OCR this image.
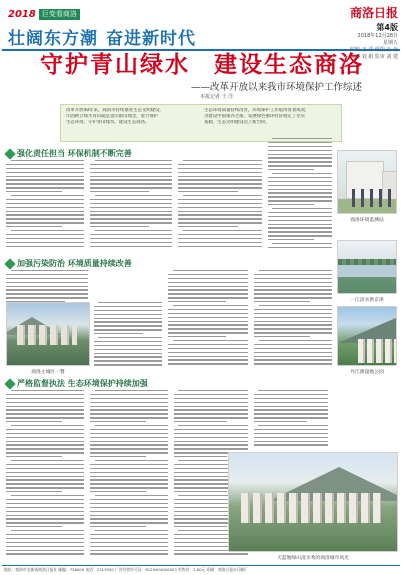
2018 巨变看商洛
壮阔东方潮 奋进新时代
商洛日报
第4版
2018年12月28日
星期五
校对 刘 娟 监审 刘 建
守护青山绿水 建设生态商洛
——改革开放以来我市环境保护工作综述
本报记者 王 洋
改革开放40年来，商洛市持续推进生态文明建设，
牢固树立绿水青山就是金山银山理念，着力保护
生态环境，守护青山绿水，建设生态商洛。
生态环境质量持续改善，环境保护工作取得显著成效，
为建设中国康养之都、发展绿色循环经济奠定了坚实
基础，生态文明建设迈上新台阶。
强化责任担当 环保机制不断完善
商洛环境监测站
加强污染防治 环境质量持续改善
一江清水供京津
商洛主城区一瞥	丹江源湿地公园
严格监督执法 生态环境保护持续加强
天蓝地绿山清水秀的商洛城市风光
地址：商洛市北新街商洛日报社 邮编：726000 电话：2313530 广告经营许可证：6125004000003 零售价：1.00元 印刷：商洛日报社印刷厂
